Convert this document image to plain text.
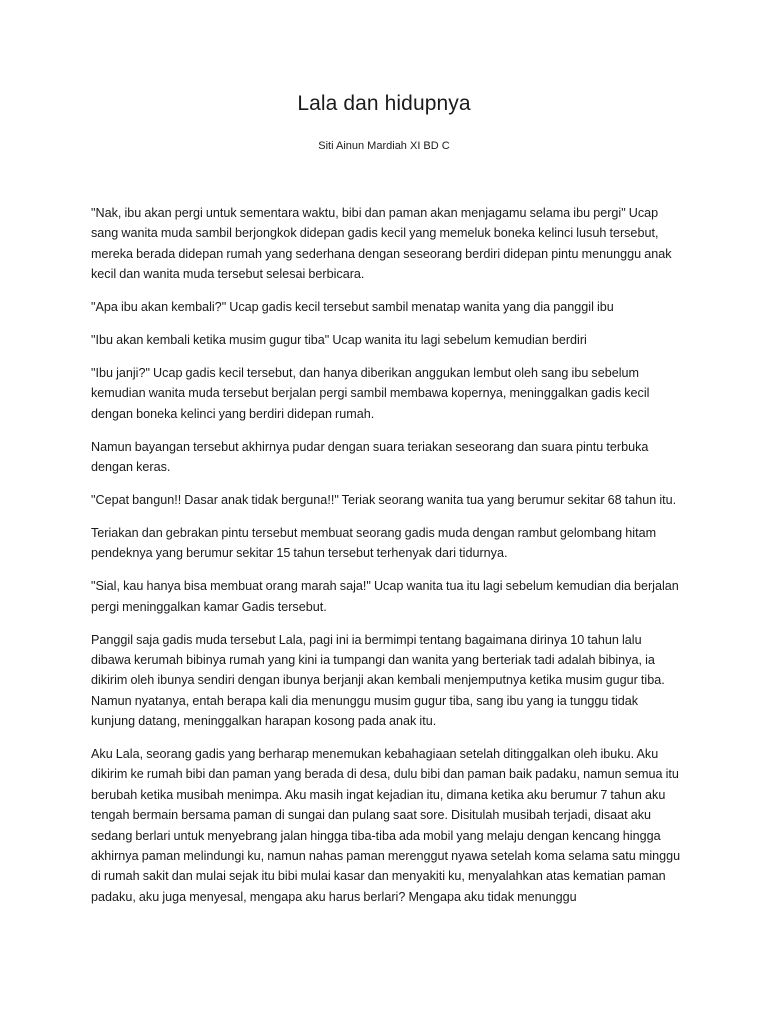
Lala dan hidupnya

Siti Ainun Mardiah XI BD C

"Nak, ibu akan pergi untuk sementara waktu, bibi dan paman akan menjagamu selama ibu pergi" Ucap sang wanita muda sambil berjongkok didepan gadis kecil yang memeluk boneka kelinci lusuh tersebut, mereka berada didepan rumah yang sederhana dengan seseorang berdiri didepan pintu menunggu anak kecil dan wanita muda tersebut selesai berbicara.

"Apa ibu akan kembali?" Ucap gadis kecil tersebut sambil menatap wanita yang dia panggil ibu

"Ibu akan kembali ketika musim gugur tiba" Ucap wanita itu lagi sebelum kemudian berdiri

"Ibu janji?" Ucap gadis kecil tersebut, dan hanya diberikan anggukan lembut oleh sang ibu sebelum kemudian wanita muda tersebut berjalan pergi sambil membawa kopernya, meninggalkan gadis kecil dengan boneka kelinci yang berdiri didepan rumah.

Namun bayangan tersebut akhirnya pudar dengan suara teriakan seseorang dan suara pintu terbuka dengan keras.

"Cepat bangun!! Dasar anak tidak berguna!!" Teriak seorang wanita tua yang berumur sekitar 68 tahun itu.

Teriakan dan gebrakan pintu tersebut membuat seorang gadis muda dengan rambut gelombang hitam pendeknya yang berumur sekitar 15 tahun tersebut terhenyak dari tidurnya.

"Sial, kau hanya bisa membuat orang marah saja!" Ucap wanita tua itu lagi sebelum kemudian dia berjalan pergi meninggalkan kamar Gadis tersebut.

Panggil saja gadis muda tersebut Lala, pagi ini ia bermimpi tentang bagaimana dirinya 10 tahun lalu dibawa kerumah bibinya rumah yang kini ia tumpangi dan wanita yang berteriak tadi adalah bibinya, ia dikirim oleh ibunya sendiri dengan ibunya berjanji akan kembali menjemputnya ketika musim gugur tiba. Namun nyatanya, entah berapa kali dia menunggu musim gugur tiba, sang ibu yang ia tunggu tidak kunjung datang, meninggalkan harapan kosong pada anak itu.

Aku Lala, seorang gadis yang berharap menemukan kebahagiaan setelah ditinggalkan oleh ibuku. Aku dikirim ke rumah bibi dan paman yang berada di desa, dulu bibi dan paman baik padaku, namun semua itu berubah ketika musibah menimpa. Aku masih ingat kejadian itu, dimana ketika aku berumur 7 tahun aku tengah bermain bersama paman di sungai dan pulang saat sore. Disitulah musibah terjadi, disaat aku sedang berlari untuk menyebrang jalan hingga tiba-tiba ada mobil yang melaju dengan kencang hingga akhirnya paman melindungi ku, namun nahas paman merenggut nyawa setelah koma selama satu minggu di rumah sakit dan mulai sejak itu bibi mulai kasar dan menyakiti ku, menyalahkan atas kematian paman padaku, aku juga menyesal, mengapa aku harus berlari? Mengapa aku tidak menunggu
